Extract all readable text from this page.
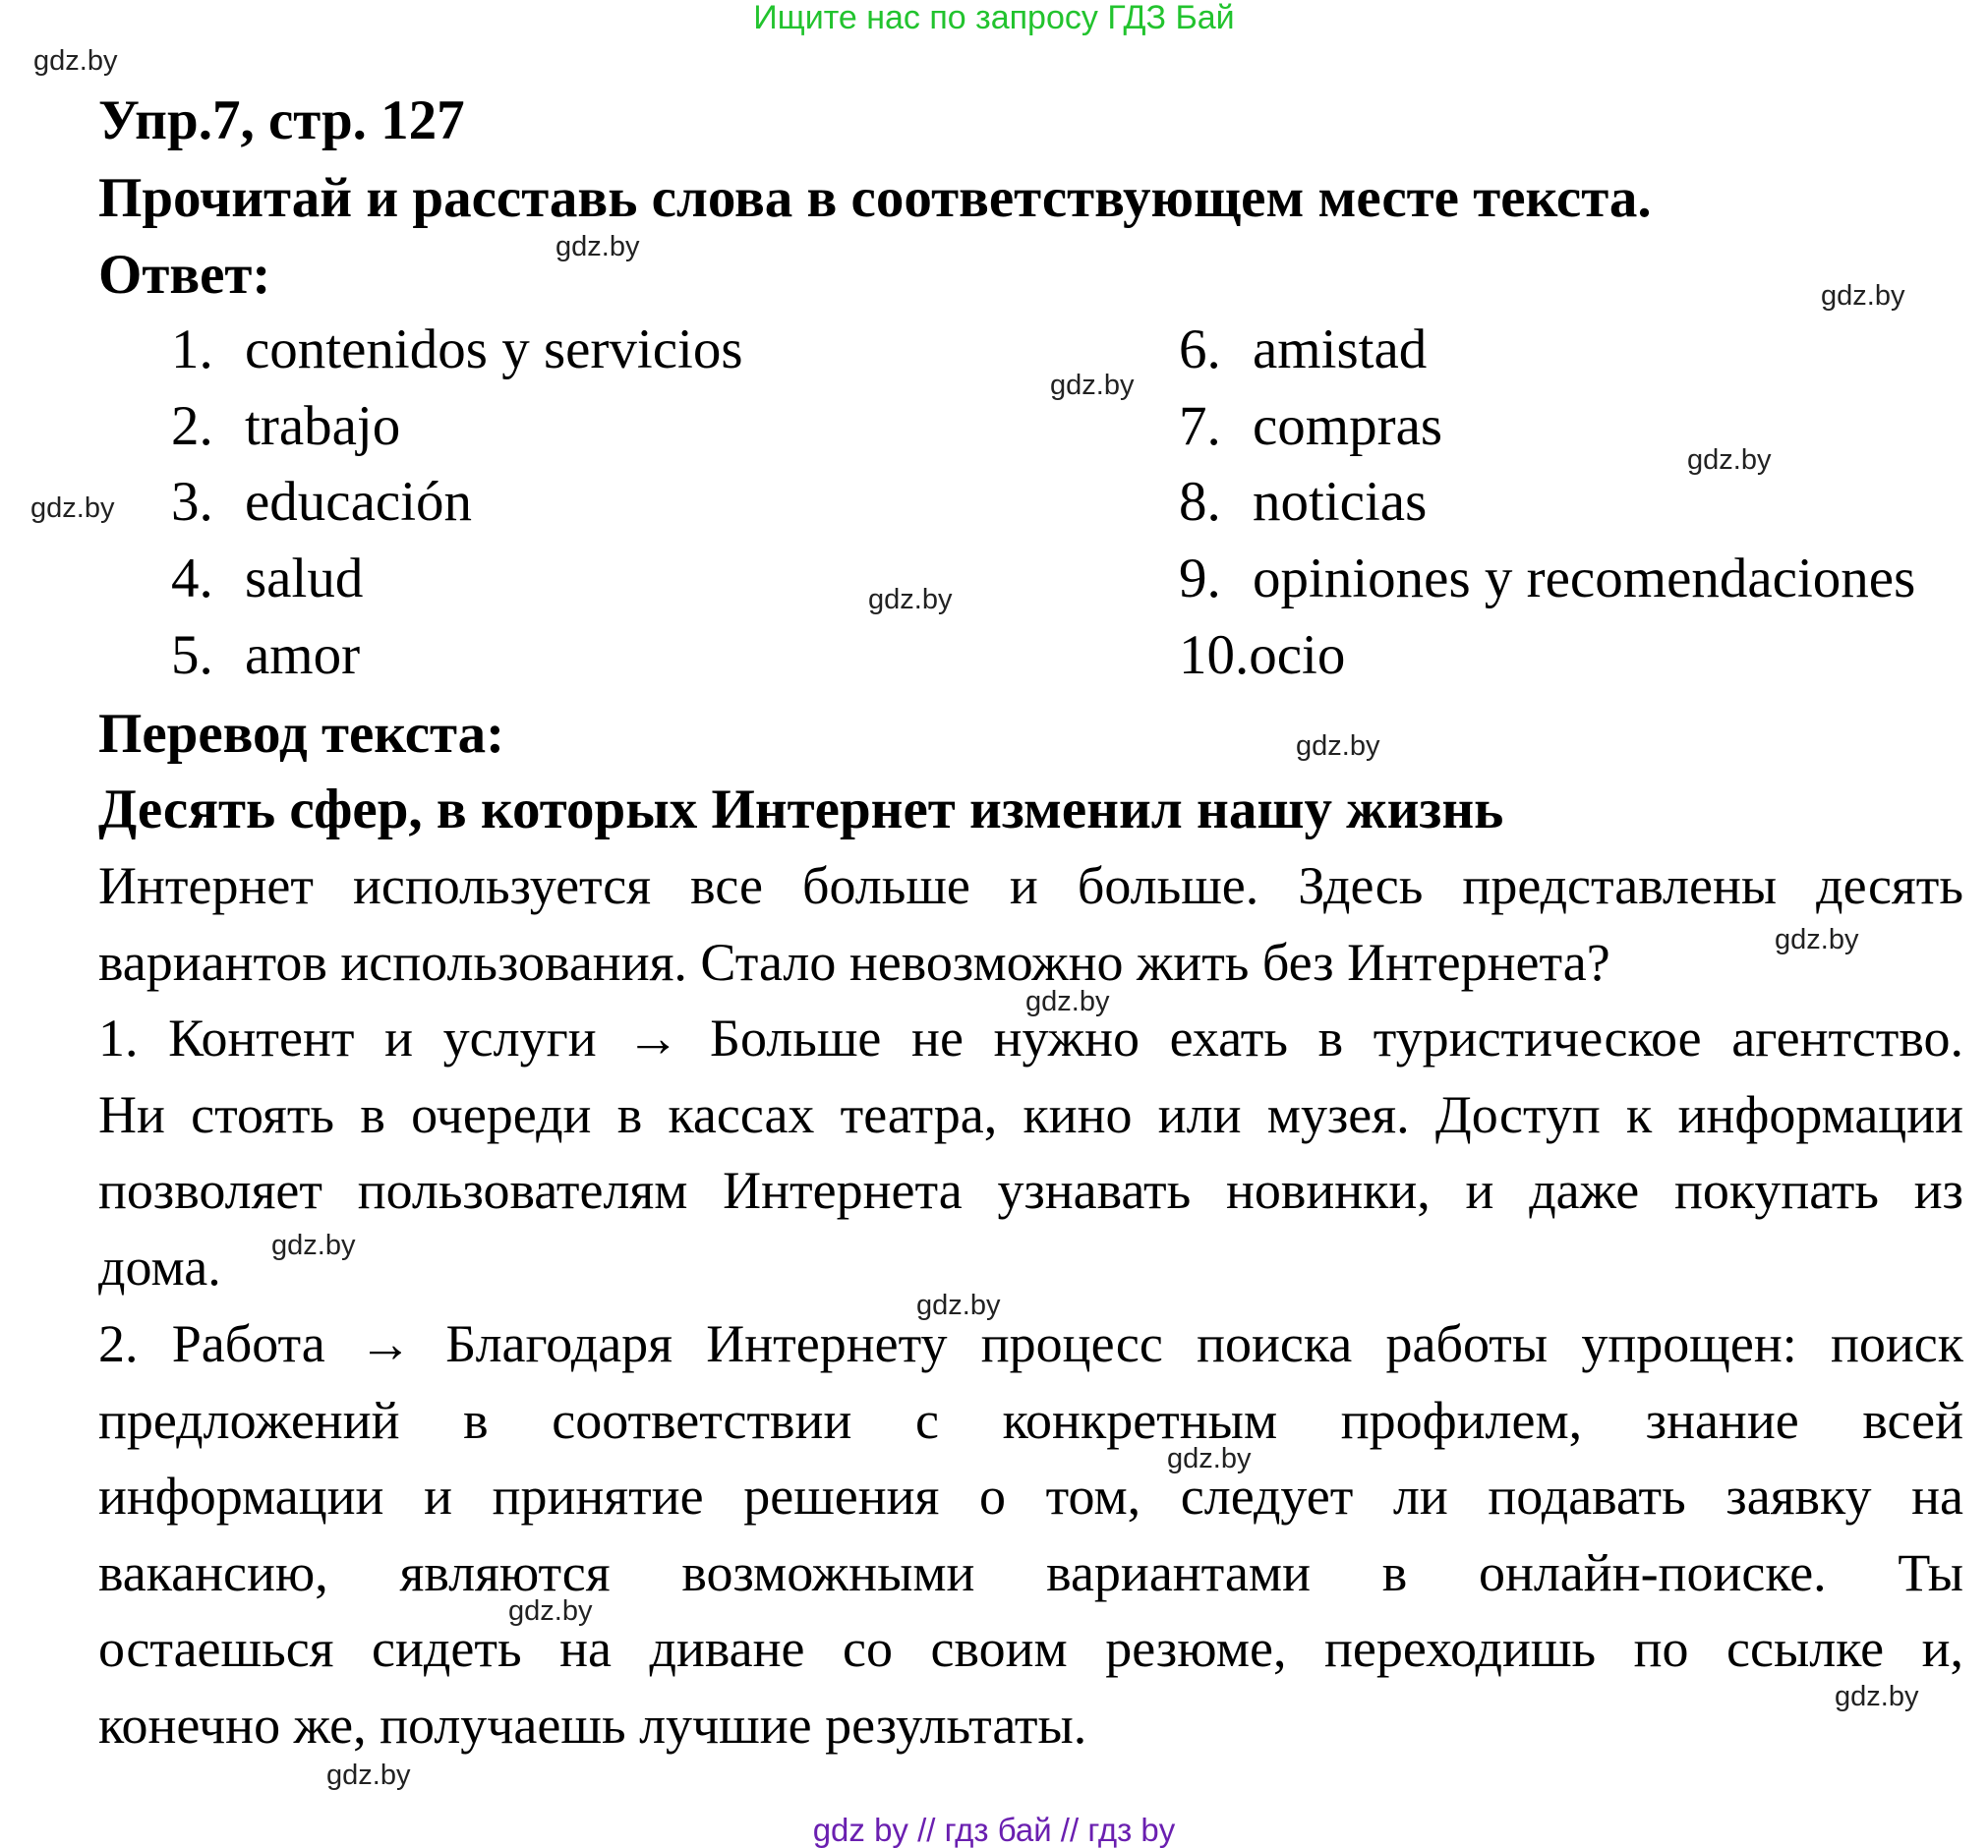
Ищите нас по запросу ГДЗ Бай
gdz.by
gdz.by
gdz.by
gdz.by
gdz.by
gdz.by
gdz.by
gdz.by
gdz.by
gdz.by
gdz.by
gdz.by
gdz.by
gdz.by
gdz.by
gdz.by
Упр.7, стр. 127
Прочитай и расставь слова в соответствующем месте текста.
Ответ:
1. contenidos y servicios
2. trabajo
3. educación
4. salud
5. amor
6. amistad
7. compras
8. noticias
9. opiniones y recomendaciones
10.ocio
Перевод текста:
Десять сфер, в которых Интернет изменил нашу жизнь
Интернет используется все больше и больше. Здесь представлены десять
вариантов использования. Стало невозможно жить без Интернета?
1. Контент и услуги → Больше не нужно ехать в туристическое агентство.
Ни стоять в очереди в кассах театра, кино или музея. Доступ к информации
позволяет пользователям Интернета узнавать новинки, и даже покупать из
дома.
2. Работа → Благодаря Интернету процесс поиска работы упрощен: поиск
предложений в соответствии с конкретным профилем, знание всей
информации и принятие решения о том, следует ли подавать заявку на
вакансию, являются возможными вариантами в онлайн-поиске. Ты
остаешься сидеть на диване со своим резюме, переходишь по ссылке и,
конечно же, получаешь лучшие результаты.
gdz by // гдз бай // гдз by
